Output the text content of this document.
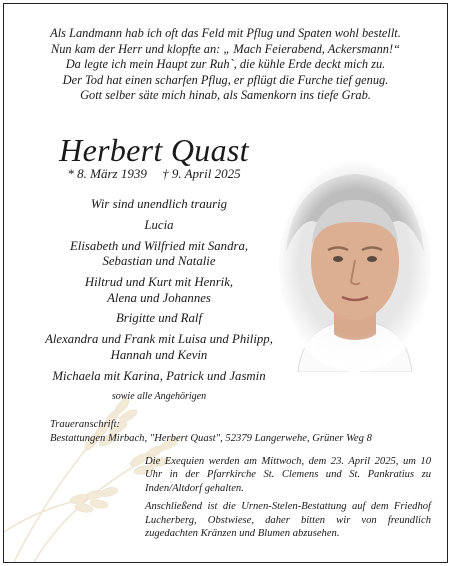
Als Landmann hab ich oft das Feld mit Pflug und Spaten wohl bestellt.
Nun kam der Herr und klopfte an: „ Mach Feierabend, Ackersmann!“
Da legte ich mein Haupt zur Ruh`, die kühle Erde deckt mich zu.
Der Tod hat einen scharfen Pflug, er pflügt die Furche tief genug.
Gott selber säte mich hinab, als Samenkorn ins tiefe Grab.
Herbert Quast
* 8. März 1939 † 9. April 2025
Wir sind unendlich traurig
Lucia
Elisabeth und Wilfried mit Sandra,
Sebastian und Natalie
Hiltrud und Kurt mit Henrik,
Alena und Johannes
Brigitte und Ralf
Alexandra und Frank mit Luisa und Philipp,
Hannah und Kevin
Michaela mit Karina, Patrick und Jasmin
sowie alle Angehörigen
Traueranschrift:
Bestattungen Mirbach, "Herbert Quast", 52379 Langerwehe, Grüner Weg 8

Die Exequien werden am Mittwoch, dem 23. April 2025, um 10 Uhr in der Pfarrkirche St. Clemens und St. Pankratius zu Inden/Altdorf gehalten.

Anschließend ist die Urnen-Stelen-Bestattung auf dem Friedhof Lucherberg, Obstwiese, daher bitten wir von freundlich zugedachten Kränzen und Blumen abzusehen.
